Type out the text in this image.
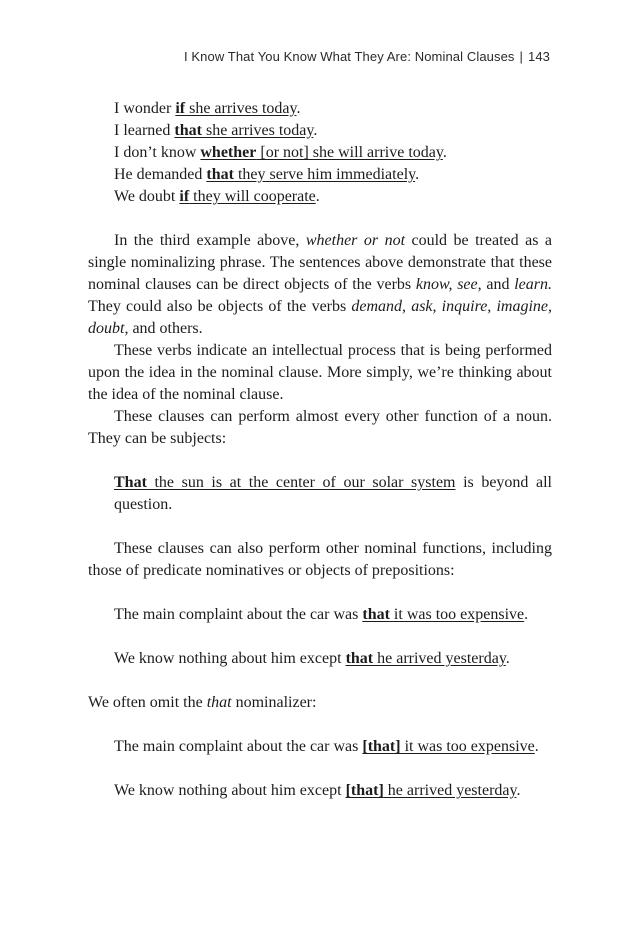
I Know That You Know What They Are: Nominal Clauses | 143
I wonder if she arrives today.
I learned that she arrives today.
I don’t know whether [or not] she will arrive today.
He demanded that they serve him immediately.
We doubt if they will cooperate.

In the third example above, whether or not could be treated as a single nominalizing phrase. The sentences above demonstrate that these nominal clauses can be direct objects of the verbs know, see, and learn. They could also be objects of the verbs demand, ask, inquire, imagine, doubt, and others.

These verbs indicate an intellectual process that is being performed upon the idea in the nominal clause. More simply, we’re thinking about the idea of the nominal clause.

These clauses can perform almost every other function of a noun. They can be subjects:

That the sun is at the center of our solar system is beyond all question.

These clauses can also perform other nominal functions, including those of predicate nominatives or objects of prepositions:

The main complaint about the car was that it was too expensive.
We know nothing about him except that he arrived yesterday.

We often omit the that nominalizer:

The main complaint about the car was [that] it was too expensive.

We know nothing about him except [that] he arrived yesterday.
